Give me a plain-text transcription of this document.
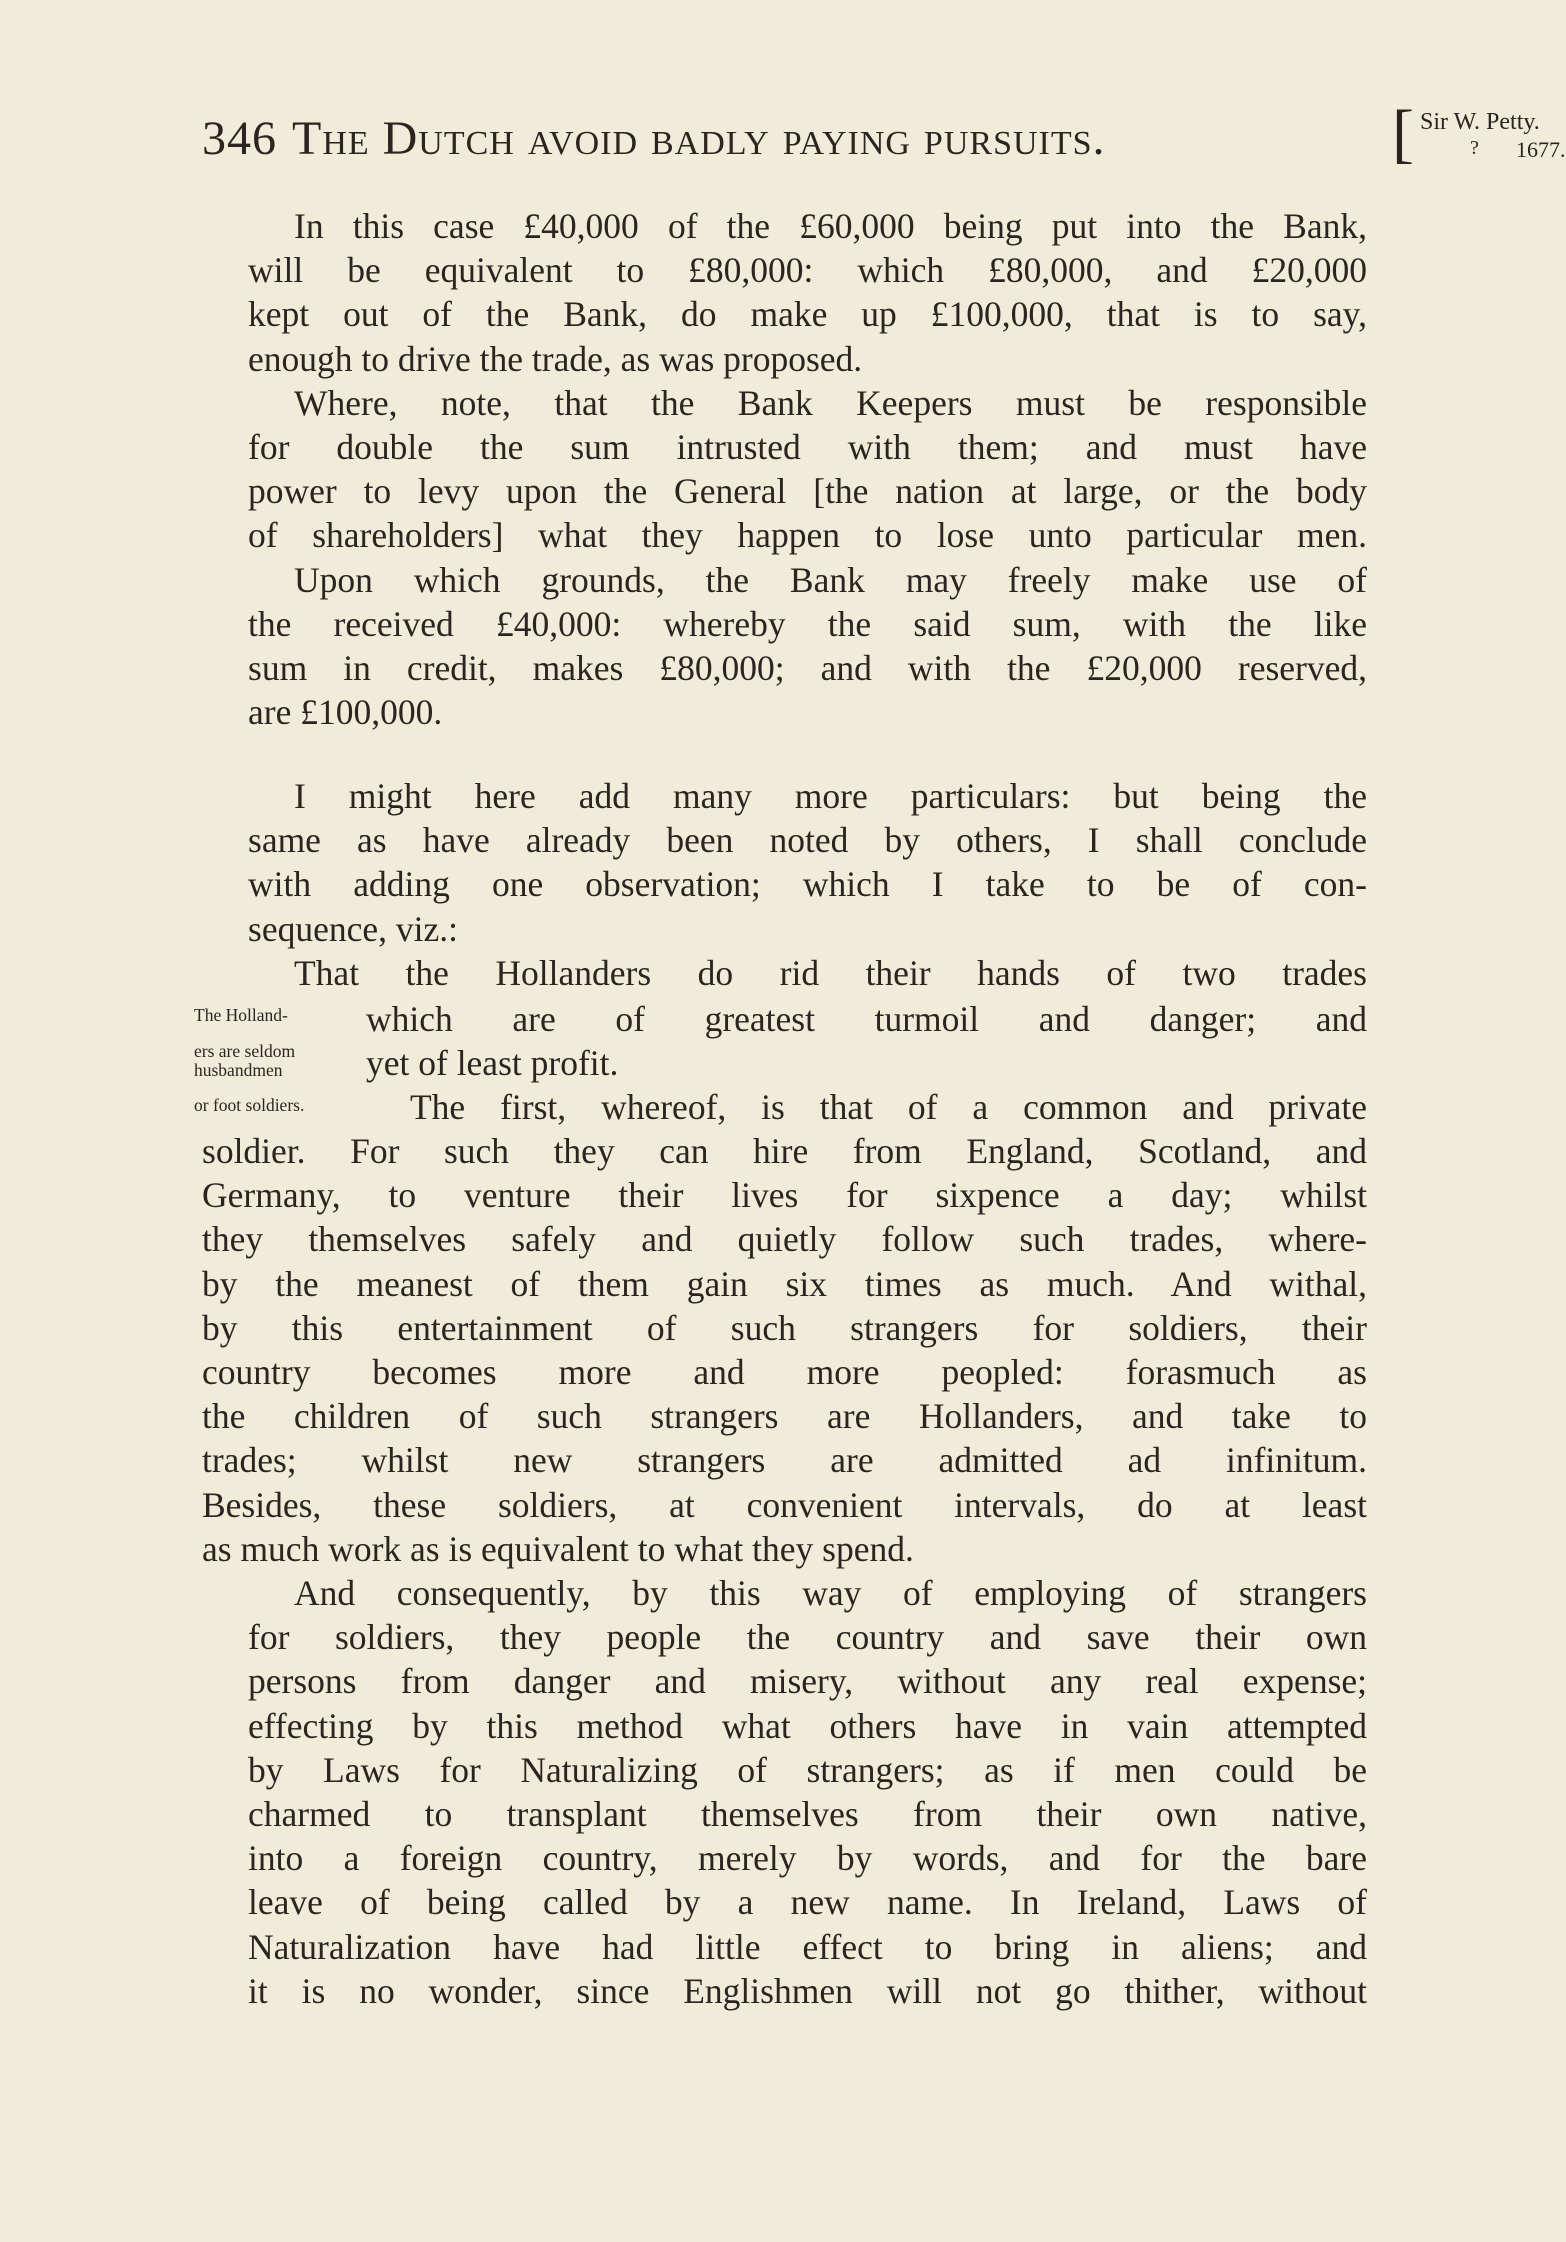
346 The Dutch avoid badly paying pursuits.	[ Sir W. Petty.
? 1677.

In this case £40,000 of the £60,000 being put into the Bank,
will be equivalent to £80,000: which £80,000, and £20,000
kept out of the Bank, do make up £100,000, that is to say,
enough to drive the trade, as was proposed.

Where, note, that the Bank Keepers must be responsible
for double the sum intrusted with them; and must have
power to levy upon the General [the nation at large, or the body
of shareholders] what they happen to lose unto particular men.

Upon which grounds, the Bank may freely make use of
the received £40,000: whereby the said sum, with the like
sum in credit, makes £80,000; and with the £20,000 reserved,
are £100,000.

I might here add many more particulars: but being the
same as have already been noted by others, I shall conclude
with adding one observation; which I take to be of con-
sequence, viz.:
That the Hollanders do rid their hands of two trades

The Holland-
ers are seldom
husbandmen
or foot soldiers.
which are of greatest turmoil and danger; and
yet of least profit.
The first, whereof, is that of a common and private

soldier. For such they can hire from England, Scotland, and
Germany, to venture their lives for sixpence a day; whilst
they themselves safely and quietly follow such trades, where-
by the meanest of them gain six times as much. And withal,
by this entertainment of such strangers for soldiers, their
country becomes more and more peopled: forasmuch as
the children of such strangers are Hollanders, and take to
trades; whilst new strangers are admitted ad infinitum.
Besides, these soldiers, at convenient intervals, do at least
as much work as is equivalent to what they spend.

And consequently, by this way of employing of strangers
for soldiers, they people the country and save their own
persons from danger and misery, without any real expense;
effecting by this method what others have in vain attempted
by Laws for Naturalizing of strangers; as if men could be
charmed to transplant themselves from their own native,
into a foreign country, merely by words, and for the bare
leave of being called by a new name. In Ireland, Laws of
Naturalization have had little effect to bring in aliens; and
it is no wonder, since Englishmen will not go thither, without
